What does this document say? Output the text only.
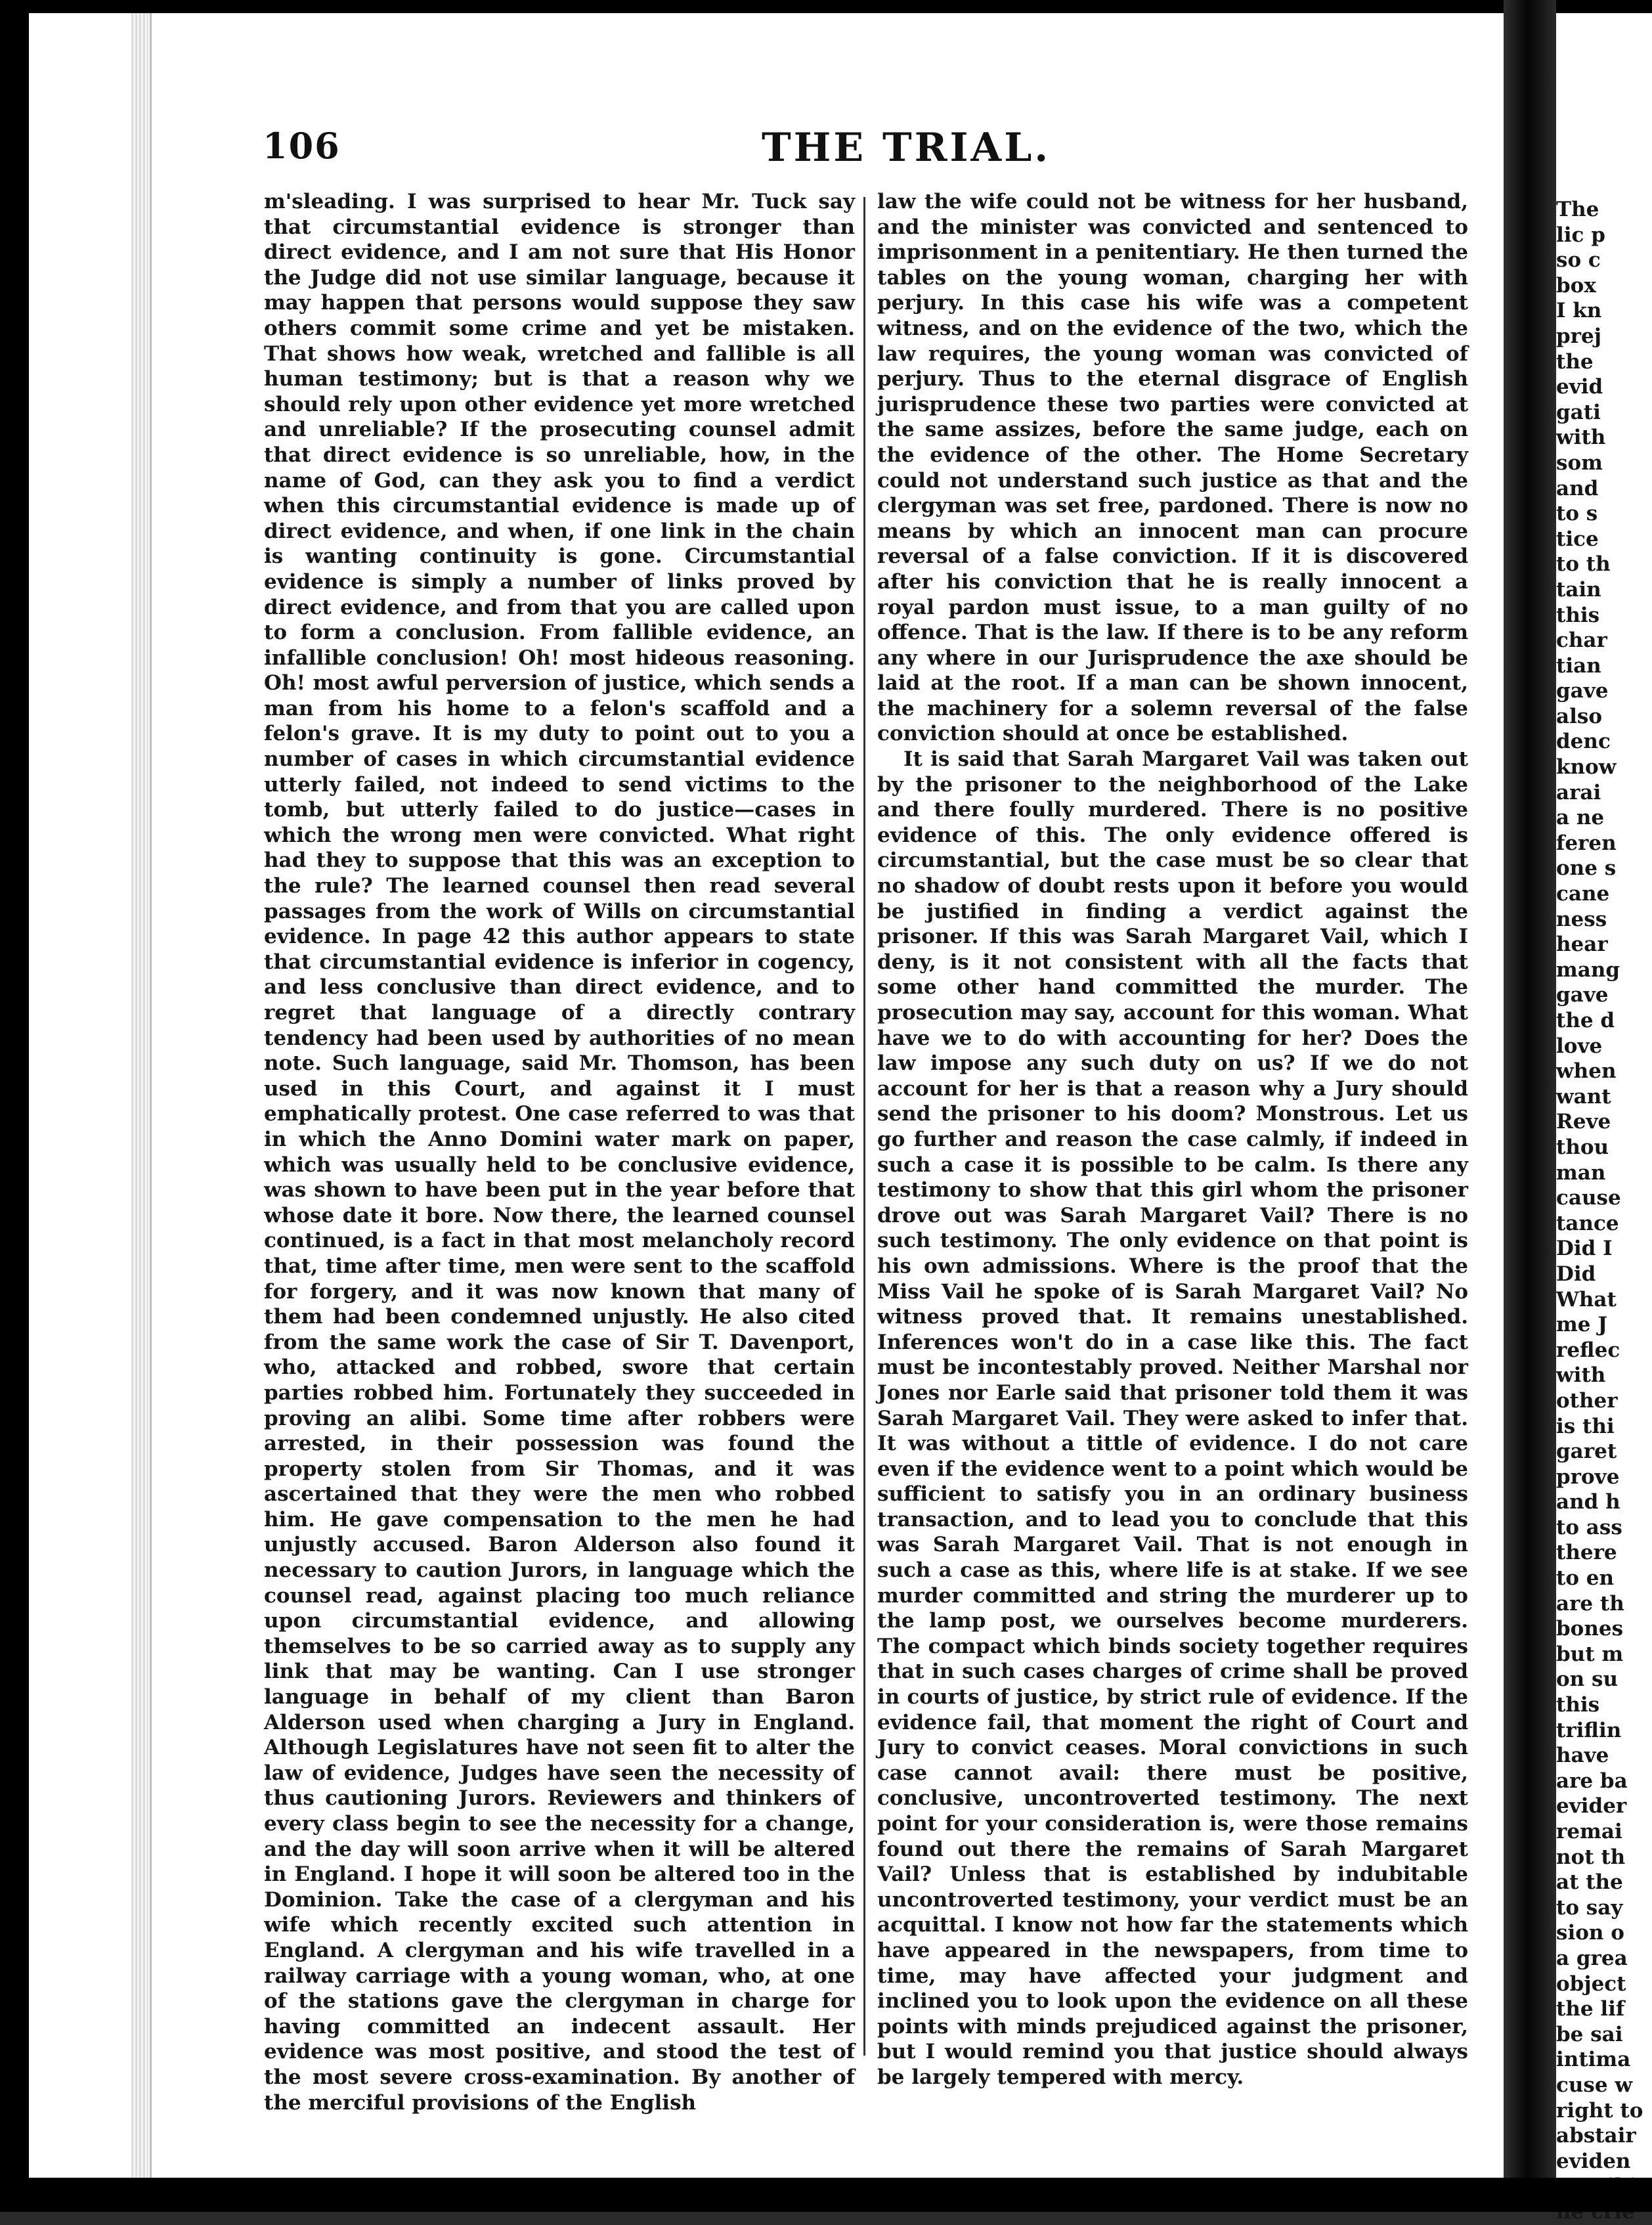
106	THE TRIAL.

m'sleading. I was surprised to hear Mr. Tuck say that circumstantial evidence is stronger than direct evidence, and I am not sure that His Honor the Judge did not use similar language, because it may happen that persons would suppose they saw others commit some crime and yet be mistaken. That shows how weak, wretched and fallible is all human testimony; but is that a reason why we should rely upon other evidence yet more wretched and unreliable? If the prosecuting counsel admit that direct evidence is so unreliable, how, in the name of God, can they ask you to find a verdict when this circumstantial evidence is made up of direct evidence, and when, if one link in the chain is wanting continuity is gone. Circumstantial evidence is simply a number of links proved by direct evidence, and from that you are called upon to form a conclusion. From fallible evidence, an infallible conclusion! Oh! most hideous reasoning. Oh! most awful perversion of justice, which sends a man from his home to a felon's scaffold and a felon's grave. It is my duty to point out to you a number of cases in which circumstantial evidence utterly failed, not indeed to send victims to the tomb, but utterly failed to do justice—cases in which the wrong men were convicted. What right had they to suppose that this was an exception to the rule? The learned counsel then read several passages from the work of Wills on circumstantial evidence. In page 42 this author appears to state that circumstantial evidence is inferior in cogency, and less conclusive than direct evidence, and to regret that language of a directly contrary tendency had been used by authorities of no mean note. Such language, said Mr. Thomson, has been used in this Court, and against it I must emphatically protest. One case referred to was that in which the Anno Domini water mark on paper, which was usually held to be conclusive evidence, was shown to have been put in the year before that whose date it bore. Now there, the learned counsel continued, is a fact in that most melancholy record that, time after time, men were sent to the scaffold for forgery, and it was now known that many of them had been condemned unjustly. He also cited from the same work the case of Sir T. Davenport, who, attacked and robbed, swore that certain parties robbed him. Fortunately they succeeded in proving an alibi. Some time after robbers were arrested, in their possession was found the property stolen from Sir Thomas, and it was ascertained that they were the men who robbed him. He gave compensation to the men he had unjustly accused. Baron Alderson also found it necessary to caution Jurors, in language which the counsel read, against placing too much reliance upon circumstantial evidence, and allowing themselves to be so carried away as to supply any link that may be wanting. Can I use stronger language in behalf of my client than Baron Alderson used when charging a Jury in England. Although Legislatures have not seen fit to alter the law of evidence, Judges have seen the necessity of thus cautioning Jurors. Reviewers and thinkers of every class begin to see the necessity for a change, and the day will soon arrive when it will be altered in England. I hope it will soon be altered too in the Dominion. Take the case of a clergyman and his wife which recently excited such attention in England. A clergyman and his wife travelled in a railway carriage with a young woman, who, at one of the stations gave the clergyman in charge for having committed an indecent assault. Her evidence was most positive, and stood the test of the most severe cross-examination. By another of the merciful provisions of the English

law the wife could not be witness for her husband, and the minister was convicted and sentenced to imprisonment in a penitentiary. He then turned the tables on the young woman, charging her with perjury. In this case his wife was a competent witness, and on the evidence of the two, which the law requires, the young woman was convicted of perjury. Thus to the eternal disgrace of English jurisprudence these two parties were convicted at the same assizes, before the same judge, each on the evidence of the other. The Home Secretary could not understand such justice as that and the clergyman was set free, pardoned. There is now no means by which an innocent man can procure reversal of a false conviction. If it is discovered after his conviction that he is really innocent a royal pardon must issue, to a man guilty of no offence. That is the law. If there is to be any reform any where in our Jurisprudence the axe should be laid at the root. If a man can be shown innocent, the machinery for a solemn reversal of the false conviction should at once be established.

It is said that Sarah Margaret Vail was taken out by the prisoner to the neighborhood of the Lake and there foully murdered. There is no positive evidence of this. The only evidence offered is circumstantial, but the case must be so clear that no shadow of doubt rests upon it before you would be justified in finding a verdict against the prisoner. If this was Sarah Margaret Vail, which I deny, is it not consistent with all the facts that some other hand committed the murder. The prosecution may say, account for this woman. What have we to do with accounting for her? Does the law impose any such duty on us? If we do not account for her is that a reason why a Jury should send the prisoner to his doom? Monstrous. Let us go further and reason the case calmly, if indeed in such a case it is possible to be calm. Is there any testimony to show that this girl whom the prisoner drove out was Sarah Margaret Vail? There is no such testimony. The only evidence on that point is his own admissions. Where is the proof that the Miss Vail he spoke of is Sarah Margaret Vail? No witness proved that. It remains unestablished. Inferences won't do in a case like this. The fact must be incontestably proved. Neither Marshal nor Jones nor Earle said that prisoner told them it was Sarah Margaret Vail. They were asked to infer that. It was without a tittle of evidence. I do not care even if the evidence went to a point which would be sufficient to satisfy you in an ordinary business transaction, and to lead you to conclude that this was Sarah Margaret Vail. That is not enough in such a case as this, where life is at stake. If we see murder committed and string the murderer up to the lamp post, we ourselves become murderers. The compact which binds society together requires that in such cases charges of crime shall be proved in courts of justice, by strict rule of evidence. If the evidence fail, that moment the right of Court and Jury to convict ceases. Moral convictions in such case cannot avail: there must be positive, conclusive, uncontroverted testimony. The next point for your consideration is, were those remains found out there the remains of Sarah Margaret Vail? Unless that is established by indubitable uncontroverted testimony, your verdict must be an acquittal. I know not how far the statements which have appeared in the newspapers, from time to time, may have affected your judgment and inclined you to look upon the evidence on all these points with minds prejudiced against the prisoner, but I would remind you that justice should always be largely tempered with mercy.

The
lic p
so c
box
I kn
prej
the
evid
gati
with
som
and
to s
tice
to th
tain
this
char
tian
gave
also
denc
know
arai
a ne
feren
one s
cane
ness
hear
mang
gave
the d
love
when
want
Reve
thou
man
cause
tance
Did I
Did
What
me J
reflec
with
other
is thi
garet
prove
and h
to ass
there
to en
are th
bones
but m
on su
this
triflin
have
are ba
evider
remai
not th
at the
to say
sion o
a grea
object
the lif
be sai
intima
cuse w
right to
abstair
eviden
